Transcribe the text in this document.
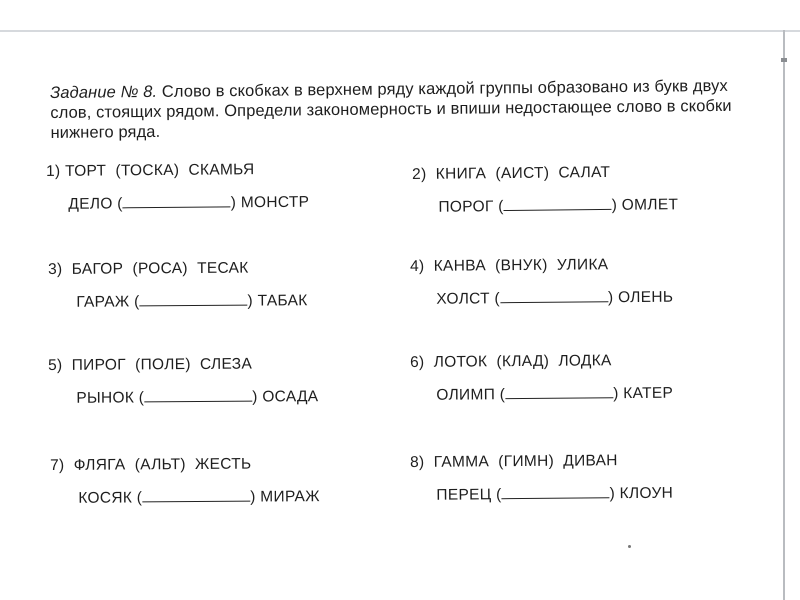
Задание № 8. Слово в скобках в верхнем ряду каждой группы образовано из букв двух слов, стоящих рядом. Определи закономерность и впиши недостающее слово в скобки нижнего ряда.
1) ТОРТ (ТОСКА) СКАМЬЯ
ДЕЛО (	) МОНСТР
2) КНИГА (АИСТ) САЛАТ
ПОРОГ (	) ОМЛЕТ
3) БАГОР (РОСА) ТЕСАК
ГАРАЖ (	) ТАБАК
4) КАНВА (ВНУК) УЛИКА
ХОЛСТ (	) ОЛЕНЬ
5) ПИРОГ (ПОЛЕ) СЛЕЗА
РЫНОК (	) ОСАДА
6) ЛОТОК (КЛАД) ЛОДКА
ОЛИМП (	) КАТЕР
7) ФЛЯГА (АЛЬТ) ЖЕСТЬ
КОСЯК (	) МИРАЖ
8) ГАММА (ГИМН) ДИВАН
ПЕРЕЦ (	) КЛОУН
